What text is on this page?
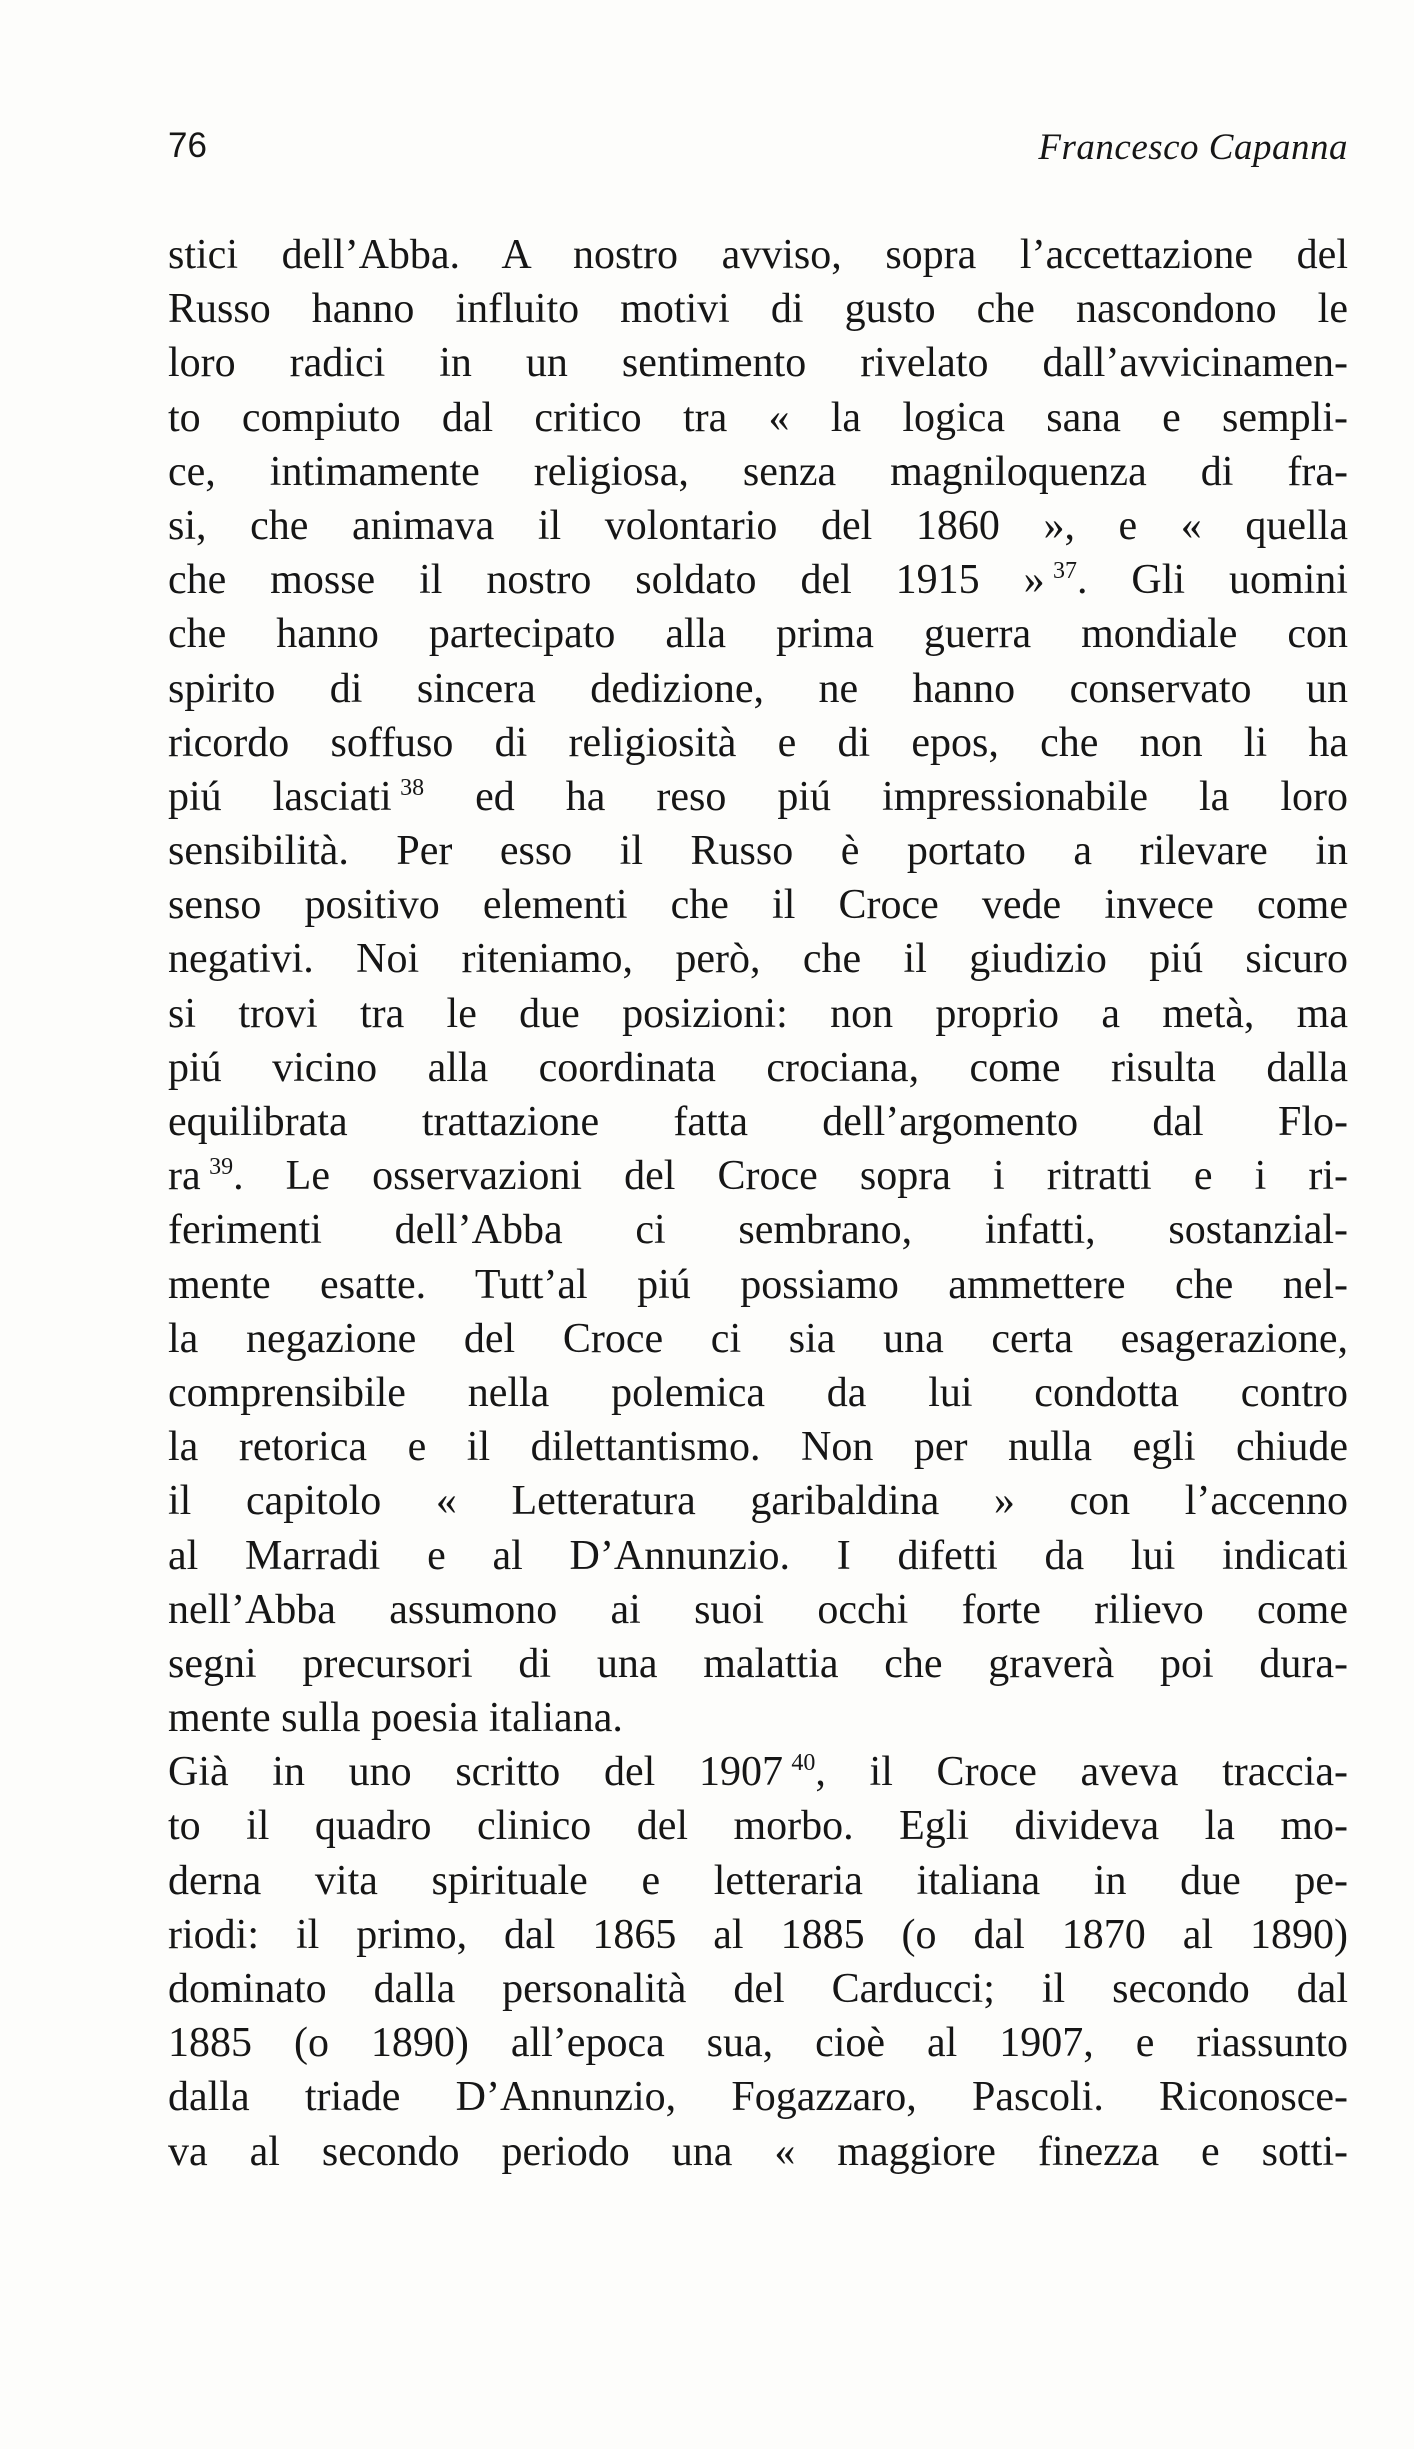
76	Francesco Capanna
stici dell’Abba. A nostro avviso, sopra l’accettazione del
Russo hanno influito motivi di gusto che nascondono le
loro radici in un sentimento rivelato dall’avvicinamen-
to compiuto dal critico tra « la logica sana e sempli-
ce, intimamente religiosa, senza magniloquenza di fra-
si, che animava il volontario del 1860 », e « quella
che mosse il nostro soldato del 1915 »  $^{37}$. Gli uomini
che hanno partecipato alla prima guerra mondiale con
spirito di sincera dedizione, ne hanno conservato un
ricordo soffuso di religiosità e di epos, che non li ha
piú lasciati  $^{38}$ ed ha reso piú impressionabile la loro
sensibilità. Per esso il Russo è portato a rilevare in
senso positivo elementi che il Croce vede invece come
negativi. Noi riteniamo, però, che il giudizio piú sicuro
si trovi tra le due posizioni: non proprio a metà, ma
piú vicino alla coordinata crociana, come risulta dalla
equilibrata trattazione fatta dell’argomento dal Flo-
ra  $^{39}$. Le osservazioni del Croce sopra i ritratti e i ri-
ferimenti dell’Abba ci sembrano, infatti, sostanzial-
mente esatte. Tutt’al piú possiamo ammettere che nel-
la negazione del Croce ci sia una certa esagerazione,
comprensibile nella polemica da lui condotta contro
la retorica e il dilettantismo. Non per nulla egli chiude
il capitolo « Letteratura garibaldina » con l’accenno
al Marradi e al D’Annunzio. I difetti da lui indicati
nell’Abba assumono ai suoi occhi forte rilievo come
segni precursori di una malattia che graverà poi dura-
mente sulla poesia italiana.
Già in uno scritto del 1907  $^{40}$, il Croce aveva traccia-
to il quadro clinico del morbo. Egli divideva la mo-
derna vita spirituale e letteraria italiana in due pe-
riodi: il primo, dal 1865 al 1885 (o dal 1870 al 1890)
dominato dalla personalità del Carducci; il secondo dal
1885 (o 1890) all’epoca sua, cioè al 1907, e riassunto
dalla triade D’Annunzio, Fogazzaro, Pascoli. Riconosce-
va al secondo periodo una « maggiore finezza e sotti-
